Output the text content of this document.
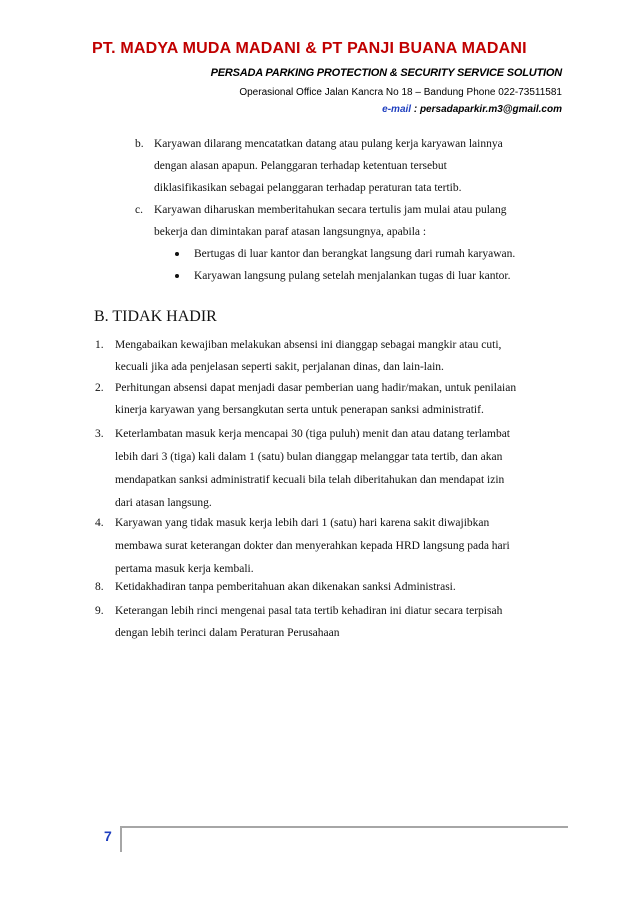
PT. MADYA MUDA MADANI & PT PANJI BUANA MADANI
PERSADA PARKING PROTECTION & SECURITY SERVICE SOLUTION
Operasional Office Jalan Kancra No 18 – Bandung Phone 022-73511581
e-mail : persadaparkir.m3@gmail.com
b. Karyawan dilarang mencatatkan datang atau pulang kerja karyawan lainnya
dengan alasan apapun. Pelanggaran terhadap ketentuan tersebut
diklasifikasikan sebagai pelanggaran terhadap peraturan tata tertib.
c. Karyawan diharuskan memberitahukan secara tertulis jam mulai atau pulang
bekerja dan dimintakan paraf atasan langsungnya, apabila :
Bertugas di luar kantor dan berangkat langsung dari rumah karyawan.
Karyawan langsung pulang setelah menjalankan tugas di luar kantor.
B. TIDAK HADIR
1. Mengabaikan kewajiban melakukan absensi ini dianggap sebagai mangkir atau cuti,
kecuali jika ada penjelasan seperti sakit, perjalanan dinas, dan lain-lain.
2. Perhitungan absensi dapat menjadi dasar pemberian uang hadir/makan, untuk penilaian
kinerja karyawan yang bersangkutan serta untuk penerapan sanksi administratif.
3. Keterlambatan masuk kerja mencapai 30 (tiga puluh) menit dan atau datang terlambat
lebih dari 3 (tiga) kali dalam 1 (satu) bulan dianggap melanggar tata tertib, dan akan
mendapatkan sanksi administratif kecuali bila telah diberitahukan dan mendapat izin
dari atasan langsung.
4. Karyawan yang tidak masuk kerja lebih dari 1 (satu) hari karena sakit diwajibkan
membawa surat keterangan dokter dan menyerahkan kepada HRD langsung pada hari
pertama masuk kerja kembali.
8. Ketidakhadiran tanpa pemberitahuan akan dikenakan sanksi Administrasi.
9. Keterangan lebih rinci mengenai pasal tata tertib kehadiran ini diatur secara terpisah
dengan lebih terinci dalam Peraturan Perusahaan
7
